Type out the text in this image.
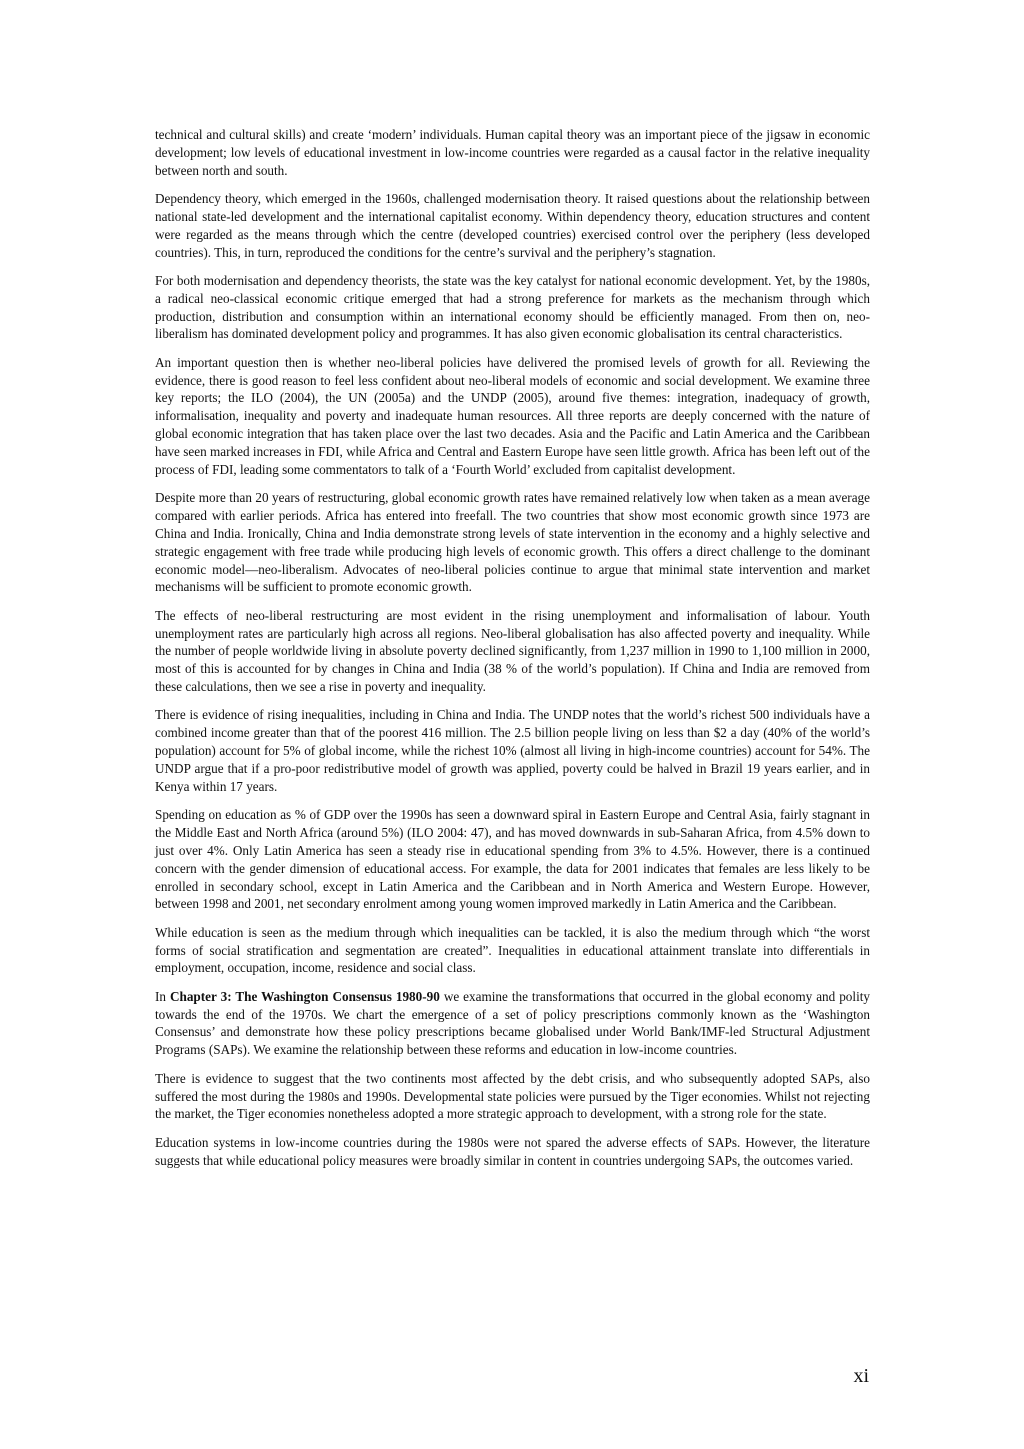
technical and cultural skills) and create ‘modern’ individuals. Human capital theory was an important piece of the jigsaw in economic development; low levels of educational investment in low-income countries were regarded as a causal factor in the relative inequality between north and south.

Dependency theory, which emerged in the 1960s, challenged modernisation theory. It raised questions about the relationship between national state-led development and the international capitalist economy. Within dependency theory, education structures and content were regarded as the means through which the centre (developed countries) exercised control over the periphery (less developed countries). This, in turn, reproduced the conditions for the centre’s survival and the periphery’s stagnation.

For both modernisation and dependency theorists, the state was the key catalyst for national economic development. Yet, by the 1980s, a radical neo-classical economic critique emerged that had a strong preference for markets as the mechanism through which production, distribution and consumption within an international economy should be efficiently managed. From then on, neo-liberalism has dominated development policy and programmes. It has also given economic globalisation its central characteristics.

An important question then is whether neo-liberal policies have delivered the promised levels of growth for all. Reviewing the evidence, there is good reason to feel less confident about neo-liberal models of economic and social development. We examine three key reports; the ILO (2004), the UN (2005a) and the UNDP (2005), around five themes: integration, inadequacy of growth, informalisation, inequality and poverty and inadequate human resources. All three reports are deeply concerned with the nature of global economic integration that has taken place over the last two decades. Asia and the Pacific and Latin America and the Caribbean have seen marked increases in FDI, while Africa and Central and Eastern Europe have seen little growth. Africa has been left out of the process of FDI, leading some commentators to talk of a ‘Fourth World’ excluded from capitalist development.

Despite more than 20 years of restructuring, global economic growth rates have remained relatively low when taken as a mean average compared with earlier periods. Africa has entered into freefall. The two countries that show most economic growth since 1973 are China and India. Ironically, China and India demonstrate strong levels of state intervention in the economy and a highly selective and strategic engagement with free trade while producing high levels of economic growth. This offers a direct challenge to the dominant economic model—neo-liberalism. Advocates of neo-liberal policies continue to argue that minimal state intervention and market mechanisms will be sufficient to promote economic growth.

The effects of neo-liberal restructuring are most evident in the rising unemployment and informalisation of labour. Youth unemployment rates are particularly high across all regions. Neo-liberal globalisation has also affected poverty and inequality. While the number of people worldwide living in absolute poverty declined significantly, from 1,237 million in 1990 to 1,100 million in 2000, most of this is accounted for by changes in China and India (38 % of the world’s population). If China and India are removed from these calculations, then we see a rise in poverty and inequality.

There is evidence of rising inequalities, including in China and India. The UNDP notes that the world’s richest 500 individuals have a combined income greater than that of the poorest 416 million. The 2.5 billion people living on less than $2 a day (40% of the world’s population) account for 5% of global income, while the richest 10% (almost all living in high-income countries) account for 54%. The UNDP argue that if a pro-poor redistributive model of growth was applied, poverty could be halved in Brazil 19 years earlier, and in Kenya within 17 years.

Spending on education as % of GDP over the 1990s has seen a downward spiral in Eastern Europe and Central Asia, fairly stagnant in the Middle East and North Africa (around 5%) (ILO 2004: 47), and has moved downwards in sub-Saharan Africa, from 4.5% down to just over 4%. Only Latin America has seen a steady rise in educational spending from 3% to 4.5%. However, there is a continued concern with the gender dimension of educational access. For example, the data for 2001 indicates that females are less likely to be enrolled in secondary school, except in Latin America and the Caribbean and in North America and Western Europe. However, between 1998 and 2001, net secondary enrolment among young women improved markedly in Latin America and the Caribbean.

While education is seen as the medium through which inequalities can be tackled, it is also the medium through which “the worst forms of social stratification and segmentation are created”. Inequalities in educational attainment translate into differentials in employment, occupation, income, residence and social class.

In Chapter 3: The Washington Consensus 1980-90 we examine the transformations that occurred in the global economy and polity towards the end of the 1970s. We chart the emergence of a set of policy prescriptions commonly known as the ‘Washington Consensus’ and demonstrate how these policy prescriptions became globalised under World Bank/IMF-led Structural Adjustment Programs (SAPs). We examine the relationship between these reforms and education in low-income countries.

There is evidence to suggest that the two continents most affected by the debt crisis, and who subsequently adopted SAPs, also suffered the most during the 1980s and 1990s. Developmental state policies were pursued by the Tiger economies. Whilst not rejecting the market, the Tiger economies nonetheless adopted a more strategic approach to development, with a strong role for the state.

Education systems in low-income countries during the 1980s were not spared the adverse effects of SAPs. However, the literature suggests that while educational policy measures were broadly similar in content in countries undergoing SAPs, the outcomes varied.

xi
